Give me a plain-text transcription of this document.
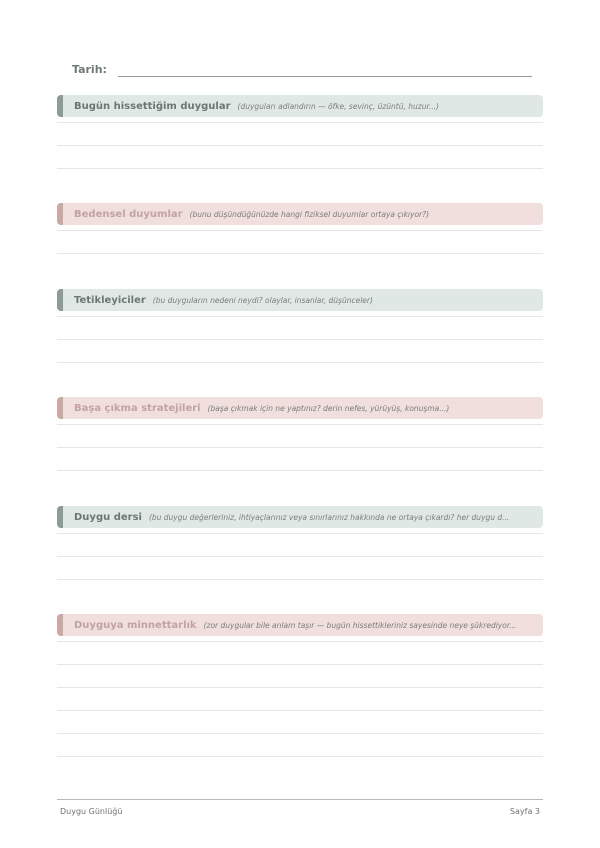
Tarih:
Bugün hissettiğim duygular (duyguları adlandırın — öfke, sevinç, üzüntü, huzur...)
Bedensel duyumlar (bunu düşündüğünüzde hangi fiziksel duyumlar ortaya çıkıyor?)
Tetikleyiciler (bu duyguların nedeni neydi? olaylar, insanlar, düşünceler)
Başa çıkma stratejileri (başa çıkmak için ne yaptınız? derin nefes, yürüyüş, konuşma...)
Duygu dersi (bu duygu değerleriniz, ihtiyaçlarınız veya sınırlarınız hakkında ne ortaya çıkardı? her duygu d...
Duyguya minnettarlık (zor duygular bile anlam taşır — bugün hissettikleriniz sayesinde neye şükrediyor...
Duygu Günlüğü	Sayfa 3
